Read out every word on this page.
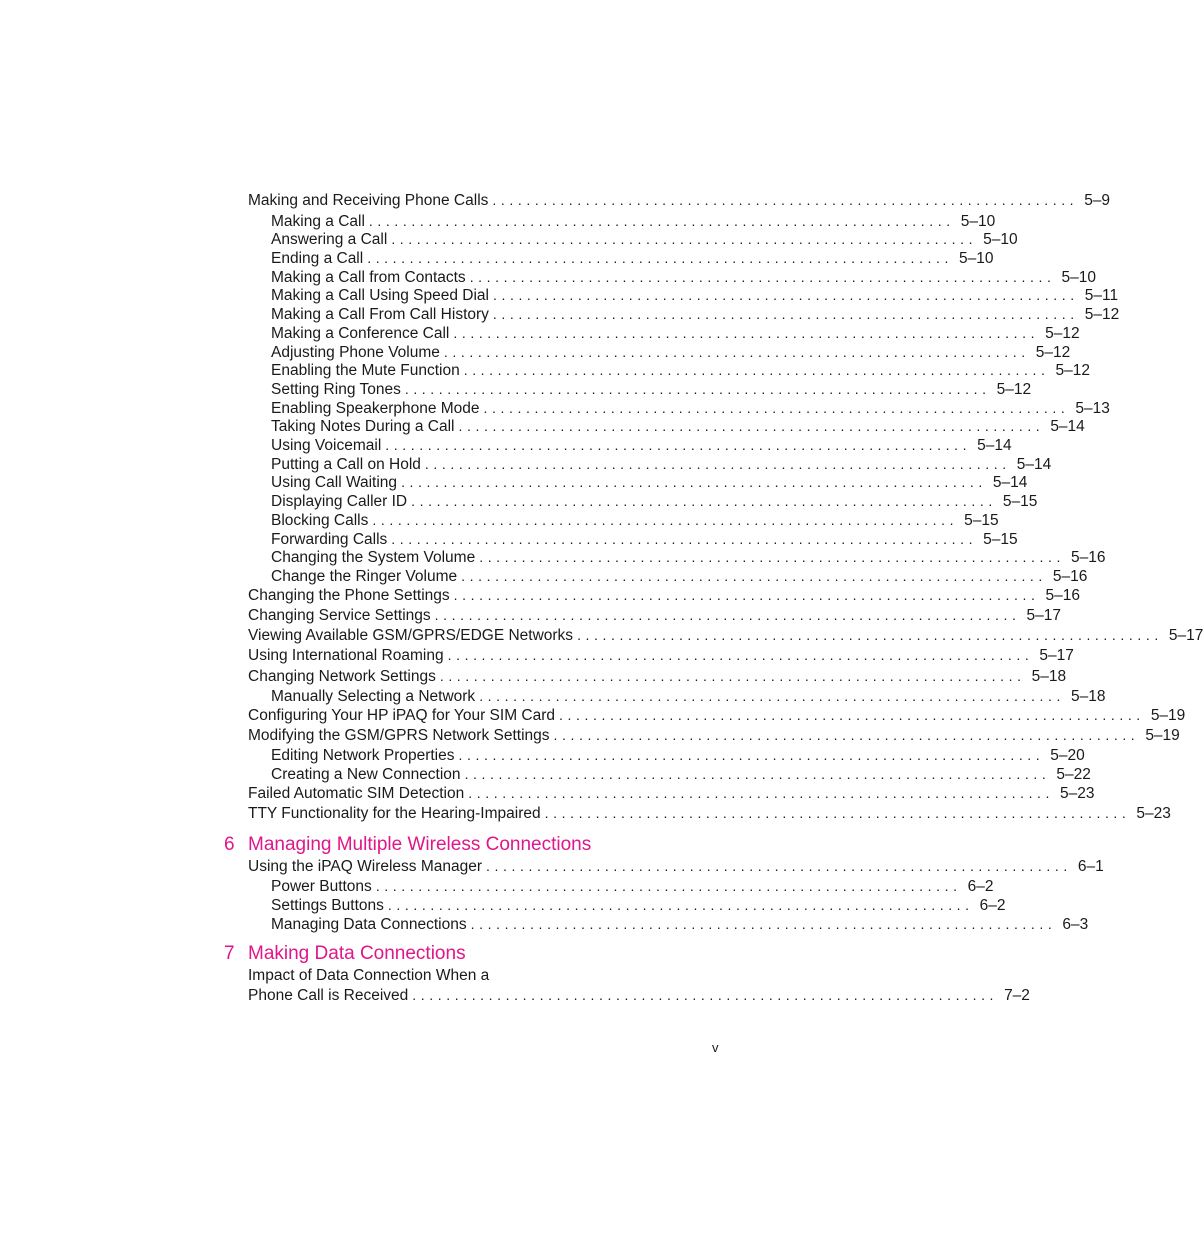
Making and Receiving Phone Calls ..................................................................... 5–9
Making a Call ..................................................................... 5–10
Answering a Call ..................................................................... 5–10
Ending a Call ..................................................................... 5–10
Making a Call from Contacts ..................................................................... 5–10
Making a Call Using Speed Dial ..................................................................... 5–11
Making a Call From Call History ..................................................................... 5–12
Making a Conference Call ..................................................................... 5–12
Adjusting Phone Volume ..................................................................... 5–12
Enabling the Mute Function ..................................................................... 5–12
Setting Ring Tones ..................................................................... 5–12
Enabling Speakerphone Mode ..................................................................... 5–13
Taking Notes During a Call ..................................................................... 5–14
Using Voicemail ..................................................................... 5–14
Putting a Call on Hold ..................................................................... 5–14
Using Call Waiting ..................................................................... 5–14
Displaying Caller ID ..................................................................... 5–15
Blocking Calls ..................................................................... 5–15
Forwarding Calls ..................................................................... 5–15
Changing the System Volume ..................................................................... 5–16
Change the Ringer Volume ..................................................................... 5–16
Changing the Phone Settings ..................................................................... 5–16
Changing Service Settings ..................................................................... 5–17
Viewing Available GSM/GPRS/EDGE Networks ..................................................................... 5–17
Using International Roaming ..................................................................... 5–17
Changing Network Settings ..................................................................... 5–18
Manually Selecting a Network ..................................................................... 5–18
Configuring Your HP iPAQ for Your SIM Card ..................................................................... 5–19
Modifying the GSM/GPRS Network Settings ..................................................................... 5–19
Editing Network Properties ..................................................................... 5–20
Creating a New Connection ..................................................................... 5–22
Failed Automatic SIM Detection ..................................................................... 5–23
TTY Functionality for the Hearing-Impaired ..................................................................... 5–23
6 Managing Multiple Wireless Connections
Using the iPAQ Wireless Manager ..................................................................... 6–1
Power Buttons ..................................................................... 6–2
Settings Buttons ..................................................................... 6–2
Managing Data Connections ..................................................................... 6–3
7 Making Data Connections
Impact of Data Connection When a
Phone Call is Received ..................................................................... 7–2
v
